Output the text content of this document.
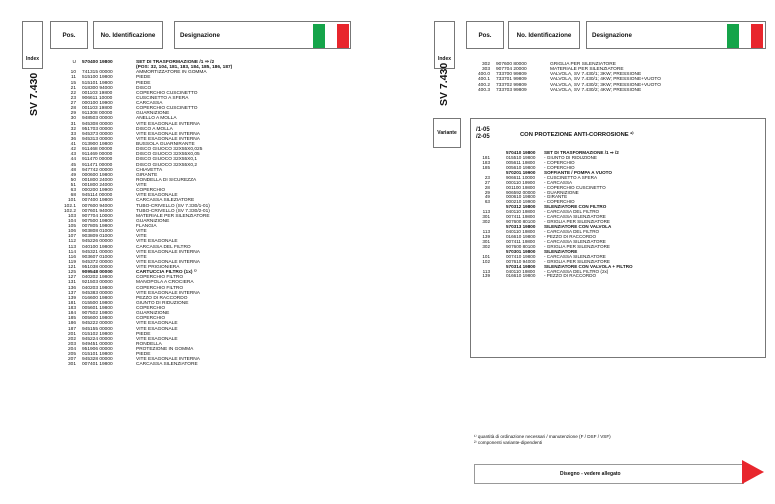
Index
Pos.	No. Identificazione	Designazione
SV 7.430
U	570400 19800	SET DI TRASFORMAZIONE /1 ⇒ /2
(POS: 32, 104, 181, 183, 184, 185, 186, 187)
10	741315 00000	AMMORTIZZATORE IN GOMMA
11	515100 19800	PIEDE
15	515101 19800	PIEDE
21	018300 94000	DISCO
22	001103 19800	COPERCHIO CUSCINETTO
23	906611 10000	CUSCINETTO A SFERA
27	000100 19900	CARCASSA
28	001103 19800	COPERCHIO CUSCINETTO
29	911308 00000	GUARNIZIONE
30	948503 00000	ANELLO A MOLLA
31	945308 00000	VITE ESAGONALE INTERNA
32	951703 00000	DISCO A MOLLA
33	945373 00000	VITE ESAGONALE INTERNA
36	945313 00000	VITE ESAGONALE INTERNA
41	013900 19800	BUSSOLA GUARNIRANTE
42	911468 00000	DISCO GIUOCO 32X55X0,025
43	911469 00000	DISCO GIUOCO 32X55X0,05
44	911470 00000	DISCO GIUOCO 32X55X0,1
45	911471 00000	DISCO GIUOCO 32X55X0,2
48	947742 00000	CHIAVETTA
49	000600 19800	GIRANTE
50	001800 24000	RONDELLA DI SICUREZZA
51	001800 24000	VITE
63	000200 19900	COPERCHIO
68	945114 00000	VITE ESAGONALE
101	007400 19800	CARCASSA SILEZIATORE
102.1	007600 94000	TUBO-CRIVELLO (SV 7.330/1-01)
102.2	007601 94000	TUBO-CRIVELLO (SV 7.330/2-01)
103	907704 10000	MATERIALE PER SILENZIATORE
104	907500 19800	GUARNIZIONE
105	007805 19800	FLANGIA
106	903808 01000	VITE
107	903809 01000	VITE
112	945226 00000	VITE ESAGONALE
113	040100 19800	CARCASSA DEL FILTRO
114	945321 00000	VITE ESAGONALE INTERNA
116	903607 01000	VITE
119	945372 00000	VITE ESAGONALE INTERNA
121	951038 00000	VITE PRIGIONIERA
125	909548 00000	CARTUCCIA FILTRO (1x) ¹⁾
127	040202 19800	COPERCHIO FILTRO
131	921503 00000	MANOPOLA A CROCIERA
136	040203 19800	COPERCHIO FILTRO
137	945383 00000	VITE ESAGONALE INTERNA
139	016600 19800	PEZZO DI RACCORDO
181	015500 19800	GIUNTO DI RIDUZIONE
183	005601 19800	COPERCHIO
184	907502 19800	GUARNIZIONE
185	005600 19800	COPERCHIO
186	945222 00000	VITE ESAGONALE
187	945155 00000	VITE ESAGONALE
201	015102 19800	PIEDE
202	945224 00000	VITE ESAGONALE
203	949451 00000	RONDELLA
204	951906 00000	PROTEZIONE IN GOMMA
205	015101 19800	PIEDE
207	945328 00000	VITE ESAGONALE INTERNA
301	007401 19800	CARCASSA SILENZIATORE
Index
Pos.	No. Identificazione	Designazione
SV 7.430	302	907600 80000	GRIGLIA PER SILENZIATORE
303	907704 20000	MATERIALE PER SILENZIATORE
400.0	733700 99809	VALVOLA, SV 7.430/1; 3KW; PRESSIONE
400.1	733701 99809	VALVOLA, SV 7.430/1; 4KW; PRESSIONE+VUOTO
400.2	733702 99809	VALVOLA, SV 7.430/2; 3KW; PRESSIONE+VUOTO
400.3	733703 99809	VALVOLA, SV 7.430/2; 4KW; PRESSIONE
Variante	/1-05
/2-05	CON PROTEZIONE ANTI-CORROSIONE ²⁾
570410 19800	SET DI TRASFORMAZIONE /1 ⇒ /2
181	015510 19800	- GIUNTO DI RIDUZIONE
183	005611 19800	- COPERCHIO
185	005610 19800	- COPERCHIO
570201 19900	SOFFIANTE / POMPA A VUOTO
23	906611 10000	- CUSCINETTO A SFERA
27	000110 19900	- CARCASSA
28	001100 19800	- COPERCHIO CUSCINETTO
29	906592 00000	- GUARNIZIONE
49	000610 19800	- GIRANTE
63	000210 19900	- COPERCHIO
570312 19800	SILENZIATORE CON FILTRO
113	040110 19800	- CARCASSA DEL FILTRO
301	007411 19800	- CARCASSA SILENZIATORE
302	907600 80100	- GRIGLIA PER SILENZIATORE
570313 19800	SILENZIATORE CON VALVOLA
113	040110 19800	- CARCASSA DEL FILTRO
139	016610 19800	- PEZZO DI RACCORDO
301	007411 19800	- CARCASSA SILENZIATORE
302	907600 80100	- GRIGLIA PER SILENZIATORE
570301 19800	SILENZIATORE
101	007410 19800	- CARCASSA SILENZIATORE
102	007610 94000	- GRIGLIA PER SILENZIATORE
570314 19800	SILENZIATORE CON VALVOLA + FILTRO
113	040110 19800	- CARCASSA DEL FILTRO (2x)
139	016610 19800	- PEZZO DI RACCORDO
¹⁾ quantità di ordinazione necessari / manutenzione (F / DSF / VSF)
²⁾ componenti variante-dipendenti
Disegno - vedere allegato
